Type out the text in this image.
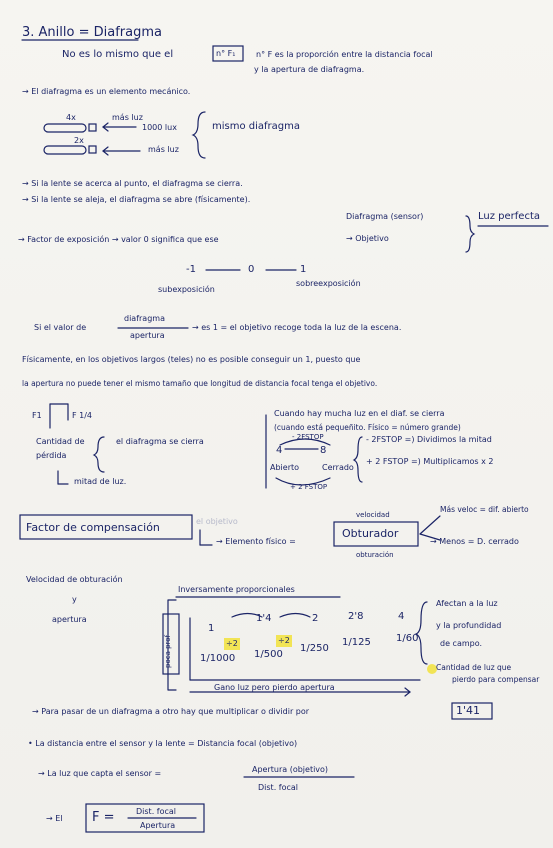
3. Anillo = Diafragma
No es lo mismo que el	n° F₁	n° F es la proporción entre la distancia focal
y la apertura de diafragma.
→ El diafragma es un elemento mecánico.
4x	más luz
1000 lux
2x
más luz
mismo diafragma
→ Si la lente se acerca al punto, el diafragma se cierra.
→ Si la lente se aleja, el diafragma se abre (físicamente).
Diafragma (sensor)
→ Factor de exposición → valor 0 significa que ese	→ Objetivo
Luz perfecta
-1	0	1
subexposición
sobreexposición
Si el valor de
diafragma
apertura
→ es 1 = el objetivo recoge toda la luz de la escena.
Físicamente, en los objetivos largos (teles) no es posible conseguir un 1, puesto que
la apertura no puede tener el mismo tamaño que longitud de distancia focal tenga el objetivo.
F1	F 1/4
Cantidad de
pérdida
el diafragma se cierra
mitad de luz.
Cuando hay mucha luz en el diaf. se cierra
(cuando está pequeñito. Físico = número grande)
- 2FSTOP
4	8
Abierto	Cerrado
+ 2 FSTOP
- 2FSTOP =) Dividimos la mitad
+ 2 FSTOP =) Multiplicamos x 2
Factor de compensación	el objetivo
velocidad
→ Elemento físico =
Obturador
obturación
Más veloc = dif. abierto
→ Menos = D. cerrado
Velocidad de obturación
y
apertura
Inversamente proporcionales
poca prof
1
1'4	2	2'8	4
÷2	÷2
1/1000 1/500
1/250
1/125	1/60
Afectan a la luz
y la profundidad
de campo.
Cantidad de luz que
pierdo para compensar
Gano luz pero pierdo apertura
→ Para pasar de un diafragma a otro hay que multiplicar o dividir por	1'41
• La distancia entre el sensor y la lente = Distancia focal (objetivo)
→ La luz que capta el sensor =	Apertura (objetivo)
Dist. focal
→ El F =	Dist. focal
Apertura
